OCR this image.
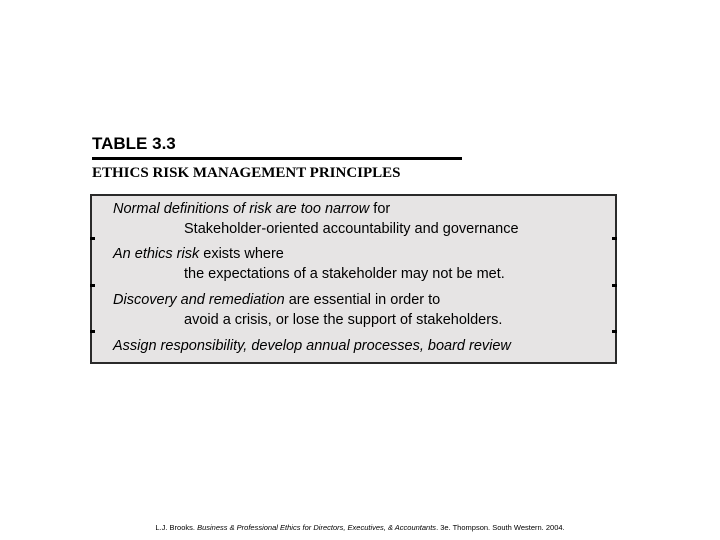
TABLE 3.3
ETHICS RISK MANAGEMENT PRINCIPLES
Normal definitions of risk are too narrow for
Stakeholder-oriented accountability and governance
An ethics risk exists where
the expectations of a stakeholder may not be met.
Discovery and remediation are essential in order to
avoid a crisis, or lose the support of stakeholders.
Assign responsibility, develop annual processes, board review
L.J. Brooks. Business & Professional Ethics for Directors, Executives, & Accountants. 3e. Thompson. South Western. 2004.
